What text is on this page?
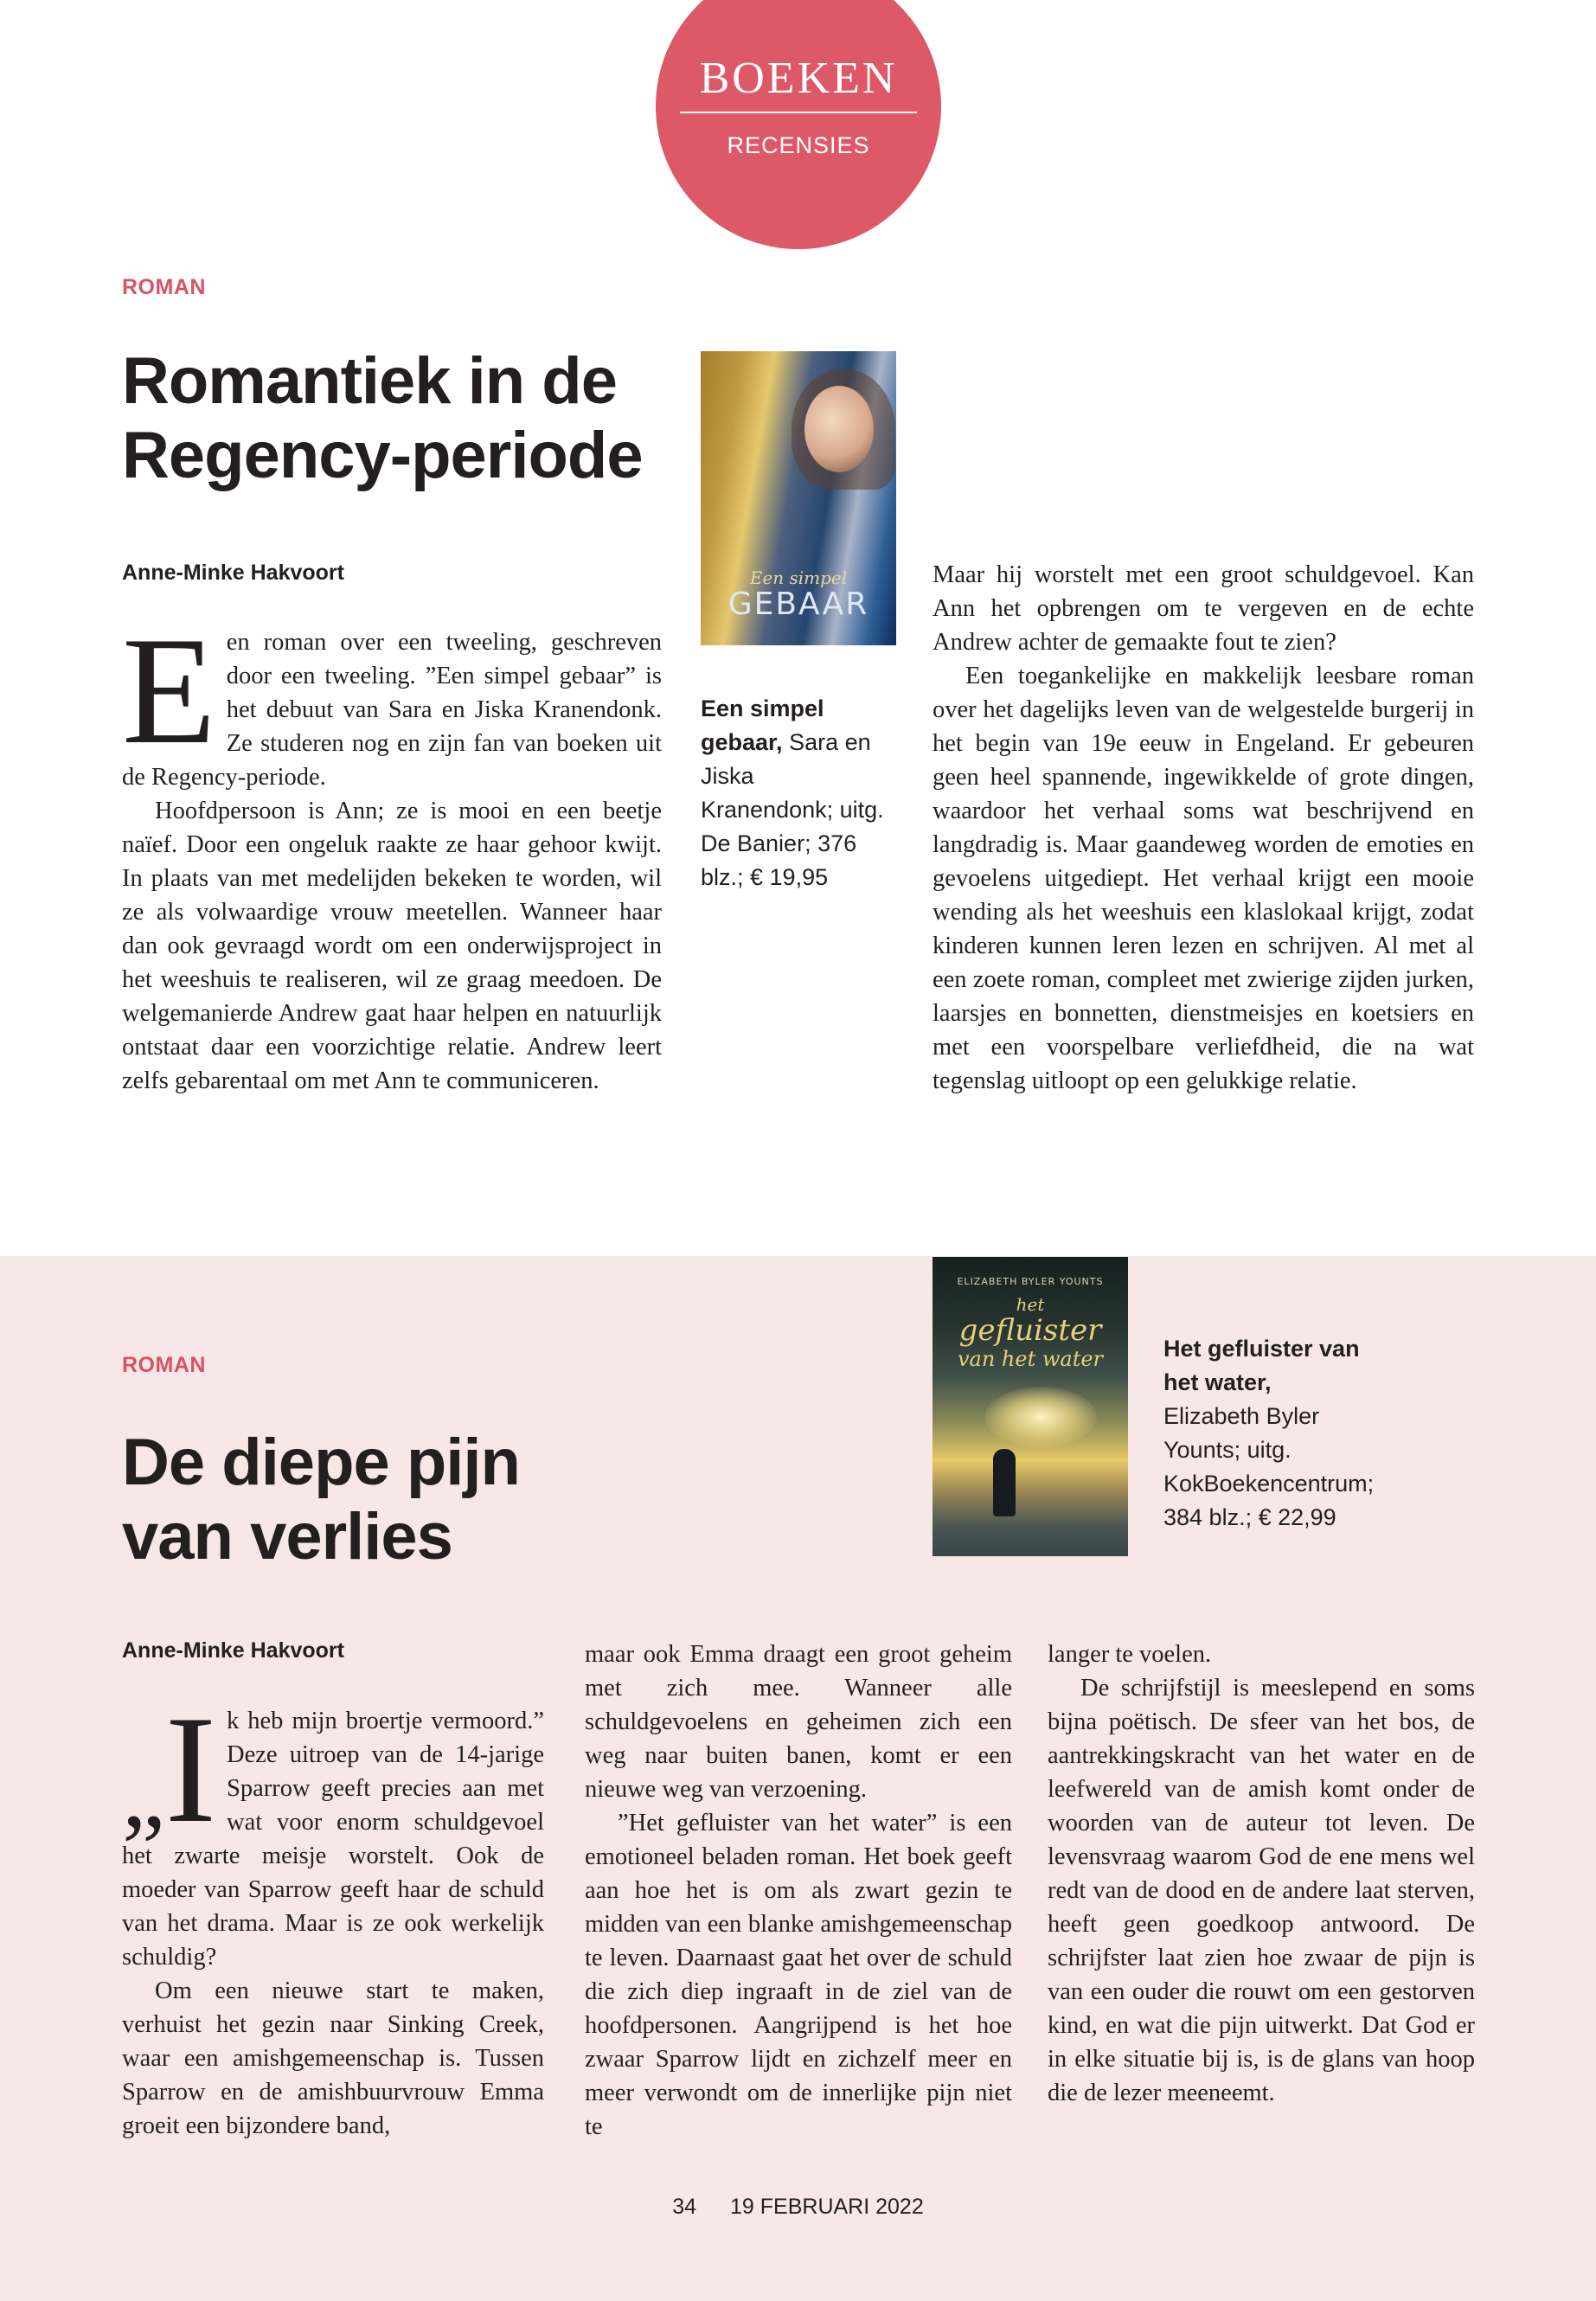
BOEKEN
RECENSIES
ROMAN
Romantiek in de
Regency-periode
Anne-Minke Hakvoort

Een roman over een tweeling, geschreven door een tweeling. ”Een simpel gebaar” is het debuut van Sara en Jiska Kranendonk. Ze studeren nog en zijn fan van boeken uit de Regency-periode.

Hoofdpersoon is Ann; ze is mooi en een beetje naïef. Door een ongeluk raakte ze haar gehoor kwijt. In plaats van met medelijden bekeken te worden, wil ze als volwaardige vrouw meetellen. Wanneer haar dan ook gevraagd wordt om een onderwijsproject in het weeshuis te realiseren, wil ze graag meedoen. De welgemanierde Andrew gaat haar helpen en natuurlijk ontstaat daar een voorzichtige relatie. Andrew leert zelfs gebarentaal om met Ann te communiceren.

Een simpel
GEBAAR
Een simpel gebaar, Sara en Jiska Kranendonk; uitg. De Banier; 376 blz.; € 19,95

Maar hij worstelt met een groot schuldgevoel. Kan Ann het opbrengen om te vergeven en de echte Andrew achter de gemaakte fout te zien?

Een toegankelijke en makkelijk leesbare roman over het dagelijks leven van de welgestelde burgerij in het begin van 19e eeuw in Engeland. Er gebeuren geen heel spannende, ingewikkelde of grote dingen, waardoor het verhaal soms wat beschrijvend en langdradig is. Maar gaandeweg worden de emoties en gevoelens uitgediept. Het verhaal krijgt een mooie wending als het weeshuis een klaslokaal krijgt, zodat kinderen kunnen leren lezen en schrijven. Al met al een zoete roman, compleet met zwierige zijden jurken, laarsjes en bonnetten, dienstmeisjes en koetsiers en met een voorspelbare verliefdheid, die na wat tegenslag uitloopt op een gelukkige relatie.

ELIZABETH BYLER YOUNTS
het
gefluister
van het water	Het gefluister van het water, Elizabeth Byler Younts; uitg. KokBoekencentrum; 384 blz.; € 22,99
ROMAN
De diepe pijn
van verlies
Anne-Minke Hakvoort

„I k heb mijn broertje vermoord.” Deze uitroep van de 14-jarige Sparrow geeft precies aan met wat voor enorm schuldgevoel het zwarte meisje worstelt. Ook de moeder van Sparrow geeft haar de schuld van het drama. Maar is ze ook werkelijk schuldig?

Om een nieuwe start te maken, verhuist het gezin naar Sinking Creek, waar een amishgemeenschap is. Tussen Sparrow en de amishbuurvrouw Emma groeit een bijzondere band,

maar ook Emma draagt een groot geheim met zich mee. Wanneer alle schuldgevoelens en geheimen zich een weg naar buiten banen, komt er een nieuwe weg van verzoening.

”Het gefluister van het water” is een emotioneel beladen roman. Het boek geeft aan hoe het is om als zwart gezin te midden van een blanke amishgemeenschap te leven. Daarnaast gaat het over de schuld die zich diep ingraaft in de ziel van de hoofdpersonen. Aangrijpend is het hoe zwaar Sparrow lijdt en zichzelf meer en meer verwondt om de innerlijke pijn niet te

langer te voelen.

De schrijfstijl is meeslepend en soms bijna poëtisch. De sfeer van het bos, de aantrekkingskracht van het water en de leefwereld van de amish komt onder de woorden van de auteur tot leven. De levensvraag waarom God de ene mens wel redt van de dood en de andere laat sterven, heeft geen goedkoop antwoord. De schrijfster laat zien hoe zwaar de pijn is van een ouder die rouwt om een gestorven kind, en wat die pijn uitwerkt. Dat God er in elke situatie bij is, is de glans van hoop die de lezer meeneemt.

34 19 FEBRUARI 2022
